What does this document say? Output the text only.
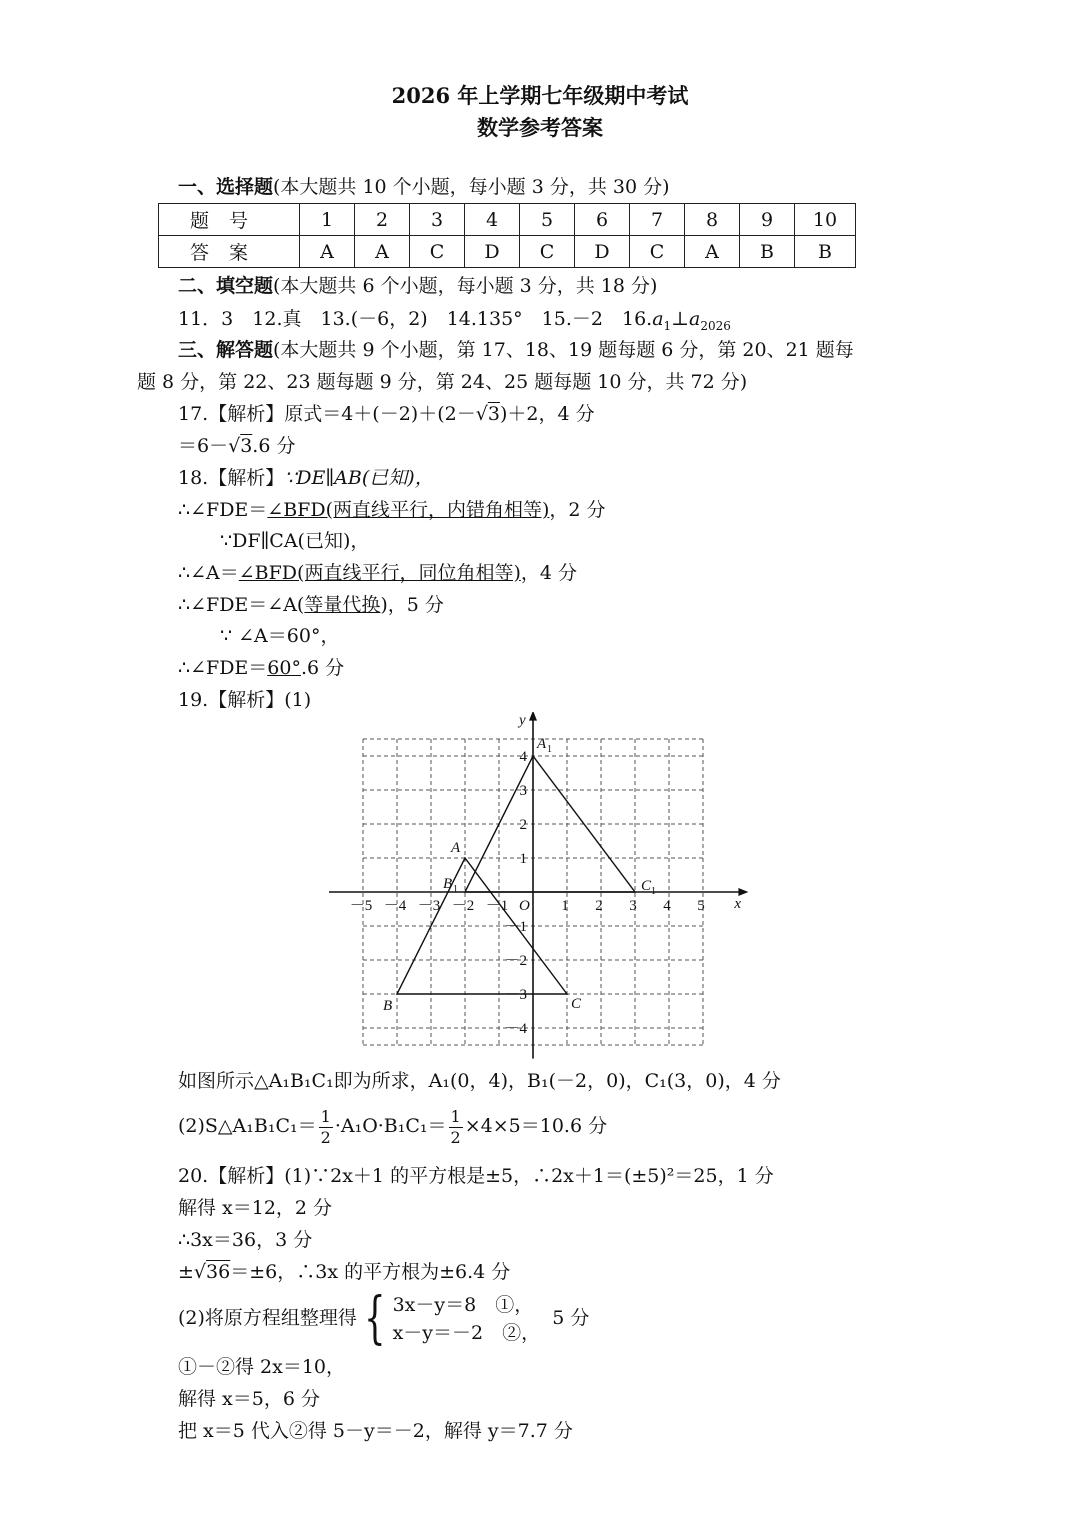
2026 年上学期七年级期中考试
数学参考答案
一、选择题(本大题共 10 个小题，每小题 3 分，共 30 分)
题号	1	2	3	4	5	6	7	8	9	10
答案	A	A	C	D	C	D	C	A	B	B
二、填空题(本大题共 6 个小题，每小题 3 分，共 18 分)
11．3　12.真　13.(－6，2)　14.135°　15.－2　$16.a_1\perp a_{2026}$
三、解答题(本大题共 9 个小题，第 17、18、19 题每题 6 分，第 20、21 题每
题 8 分，第 22、23 题每题 9 分，第 24、25 题每题 10 分，共 72 分)
17.【解析】原式＝4＋(－2)＋(2－√3)＋2，4 分
＝6－√3.6 分
18.【解析】∵DE∥AB(已知)，
∴∠FDE＝∠BFD(两直线平行，内错角相等)，2 分
∵DF∥CA(已知)，
∴∠A＝∠BFD(两直线平行，同位角相等)，4 分
∴∠FDE＝∠A(等量代换)，5 分
∵ ∠A＝60°，
∴∠FDE＝60°.6 分
19.【解析】(1)
－5 －4 －3 －2 －1	1 2 3 4 5
4
3
2
1
－1
－2
－3
－4
O	x
y
A
B	C
A 1
B 1	C 1
如图所示△A₁B₁C₁即为所求，A₁(0，4)，B₁(－2，0)，C₁(3，0)，4 分
(2)S△A₁B₁C₁＝ $\frac{1}{2} \cdot A_1O\cdot B_1C_1= \frac{1}{2} \times 4\times 5=10.6$ 分
20.【解析】(1)∵2x＋1 的平方根是±5，∴2x＋1＝(±5)²＝25，1 分
解得 x＝12，2 分
∴3x＝36，3 分
±√36＝±6，∴3x 的平方根为±6.4 分
(2)将原方程组整理得 { 3x－y＝8　①，
x－y＝－2　②，
5 分
①－②得 2x＝10，
解得 x＝5，6 分
把 x＝5 代入②得 5－y＝－2，解得 y＝7.7 分
